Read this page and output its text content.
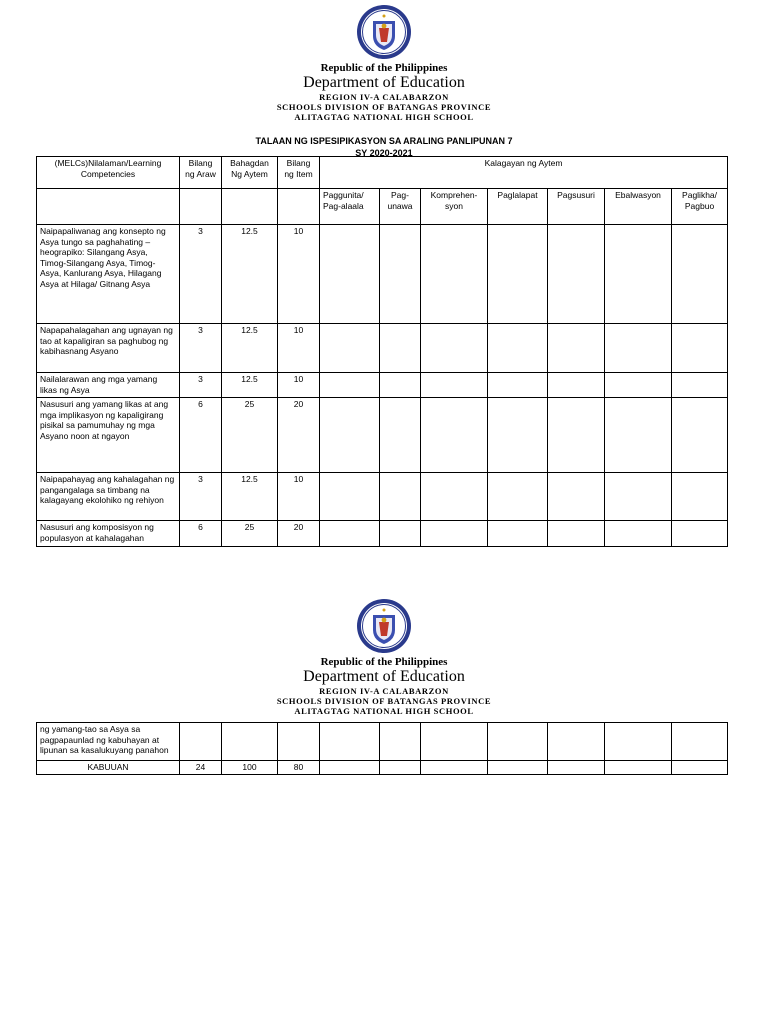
Republic of the Philippines
Department of Education
REGION IV-A CALABARZON
SCHOOLS DIVISION OF BATANGAS PROVINCE
ALITAGTAG NATIONAL HIGH SCHOOL
TALAAN NG ISPESIPIKASYON SA ARALING PANLIPUNAN 7
SY 2020-2021
(MELCs)Nilalaman/Learning Competencies	Bilang ng Araw	Bahagdan Ng Aytem	Bilang ng Item	Kalagayan ng Aytem						
				Paggunita/ Pag-alaala	Pag-unawa	Komprehen-syon	Paglalapat	Pagsusuri	Ebalwasyon	Paglikha/ Pagbuo
Naipapaliwanag ang konsepto ng Asya tungo sa paghahating – heograpiko: Silangang Asya, Timog-Silangang Asya, Timog- Asya, Kanlurang Asya, Hilagang Asya at Hilaga/ Gitnang Asya	3	12.5	10							
Napapahalagahan ang ugnayan ng tao at kapaligiran sa paghubog ng kabihasnang Asyano	3	12.5	10							
Nailalarawan ang mga yamang likas ng Asya	3	12.5	10							
Nasusuri ang yamang likas at ang mga implikasyon ng kapaligirang pisikal sa pamumuhay ng mga Asyano noon at ngayon	6	25	20							
Naipapahayag ang kahalagahan ng pangangalaga sa timbang na kalagayang ekolohiko ng rehiyon	3	12.5	10							
Nasusuri ang komposisyon ng populasyon at kahalagahan	6	25	20							
Republic of the Philippines
Department of Education
REGION IV-A CALABARZON
SCHOOLS DIVISION OF BATANGAS PROVINCE
ALITAGTAG NATIONAL HIGH SCHOOL
ng yamang-tao sa Asya sa pagpapaunlad ng kabuhayan at lipunan sa kasalukuyang panahon										
KABUUAN	24	100	80							
